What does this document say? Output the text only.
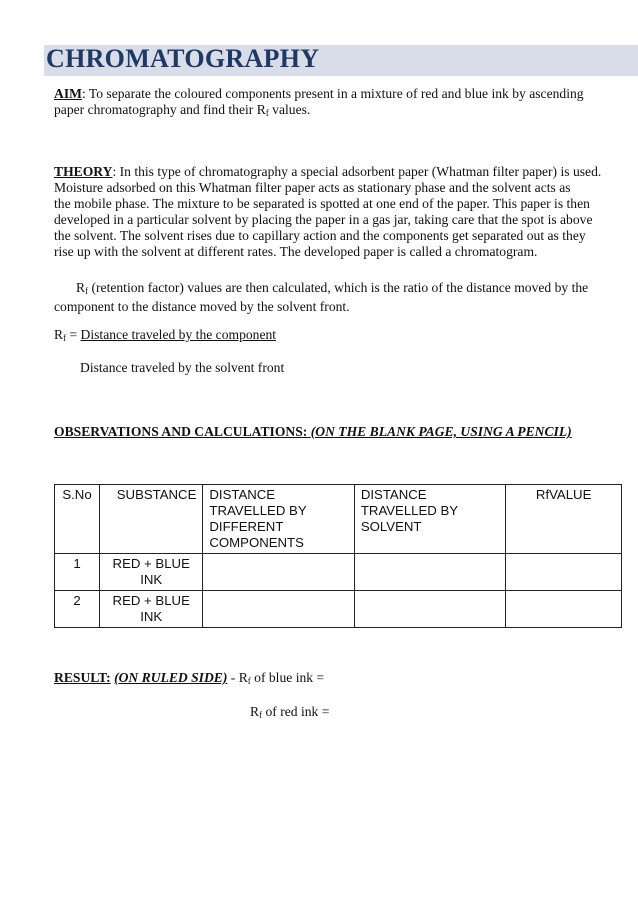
CHROMATOGRAPHY

AIM: To separate the coloured components present in a mixture of red and blue ink by ascending
paper chromatography and find their $R_f$ values.

THEORY: In this type of chromatography a special adsorbent paper (Whatman filter paper) is used.
Moisture adsorbed on this Whatman filter paper acts as stationary phase and the solvent acts as
the mobile phase. The mixture to be separated is spotted at one end of the paper. This paper is then
developed in a particular solvent by placing the paper in a gas jar, taking care that the spot is above
the solvent. The solvent rises due to capillary action and the components get separated out as they
rise up with the solvent at different rates. The developed paper is called a chromatogram.

$R_f$ (retention factor) values are then calculated, which is the ratio of the distance moved by the
component to the distance moved by the solvent front.

$R_f$ = Distance traveled by the component

Distance traveled by the solvent front

OBSERVATIONS AND CALCULATIONS: (ON THE BLANK PAGE, USING A PENCIL)

S.No	SUBSTANCE	DISTANCE TRAVELLED BY DIFFERENT COMPONENTS	DISTANCE TRAVELLED BY SOLVENT	RfVALUE
1	RED + BLUE
INK			
2	RED + BLUE
INK			

RESULT: (ON RULED SIDE) - $R_f$ of blue ink =

$R_f$ of red ink =
